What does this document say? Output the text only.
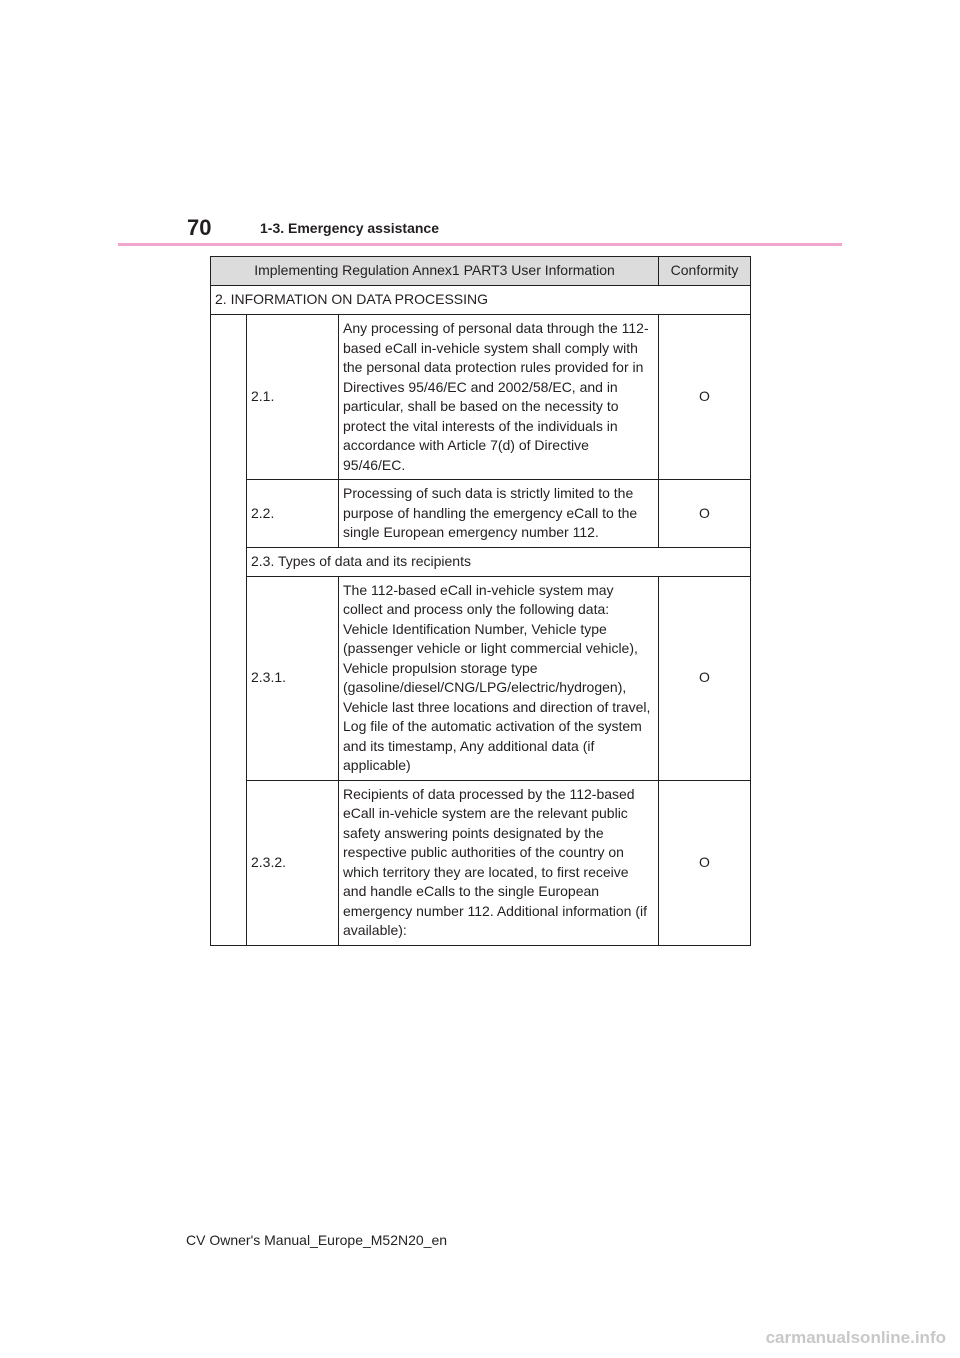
70	1-3. Emergency assistance
Implementing Regulation Annex1 PART3 User Information			Conformity
2. INFORMATION ON DATA PROCESSING			
	2.1.	Any processing of personal data through the 112-based eCall in-vehicle system shall comply with the personal data protection rules provided for in Directives 95/46/EC and 2002/58/EC, and in particular, shall be based on the necessity to protect the vital interests of the individuals in accordance with Article 7(d) of Directive 95/46/EC.	O
	2.2.	Processing of such data is strictly limited to the purpose of handling the emergency eCall to the single European emergency number 112.	O
	2.3. Types of data and its recipients		
	2.3.1.	The 112-based eCall in-vehicle system may collect and process only the following data: Vehicle Identification Number, Vehicle type (passenger vehicle or light commercial vehicle), Vehicle propulsion storage type (gasoline/diesel/CNG/LPG/electric/hydrogen), Vehicle last three locations and direction of travel, Log file of the automatic activation of the system and its timestamp, Any additional data (if applicable)	O
	2.3.2.	Recipients of data processed by the 112-based eCall in-vehicle system are the relevant public safety answering points designated by the respective public authorities of the country on which territory they are located, to first receive and handle eCalls to the single European emergency number 112. Additional information (if available):	O
CV Owner's Manual_Europe_M52N20_en
carmanualsonline.info
